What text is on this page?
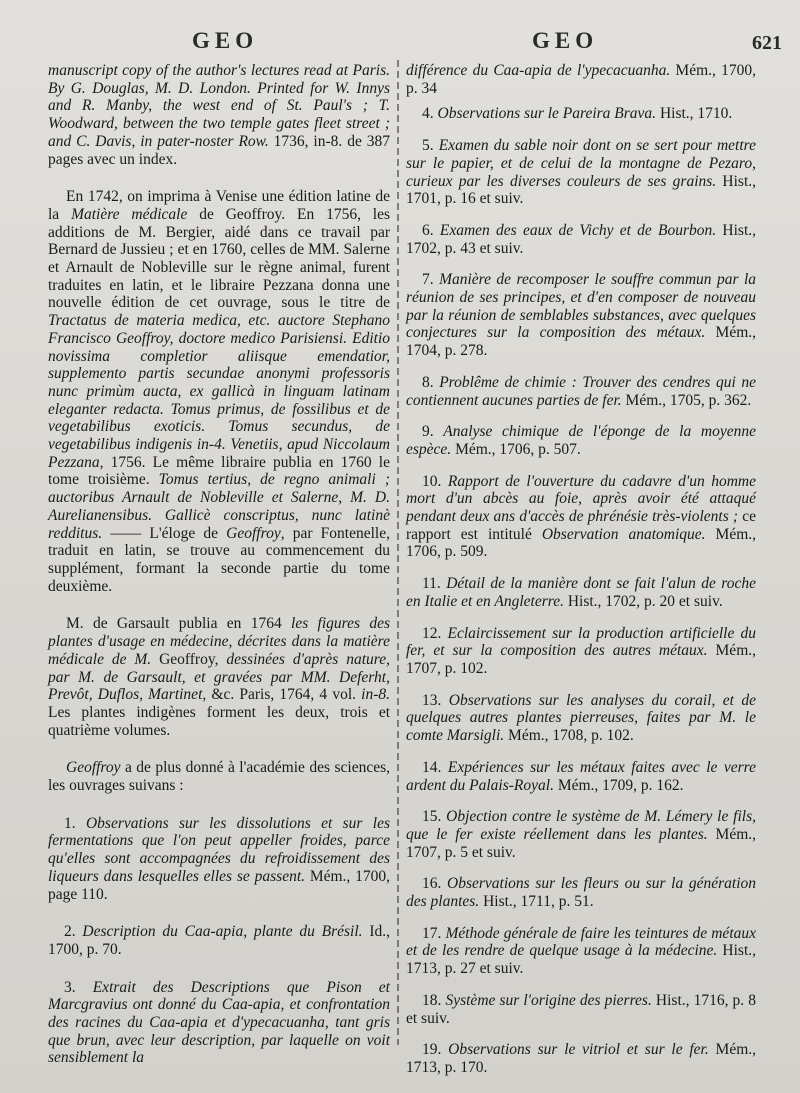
GEO	GEO	621

manuscript copy of the author's lectures read at Paris. By G. Douglas, M. D. London. Printed for W. Innys and R. Manby, the west end of St. Paul's ; T. Woodward, between the two temple gates fleet street ; and C. Davis, in pater-noster Row. 1736, in-8. de 387 pages avec un index.

En 1742, on imprima à Venise une édition latine de la Matière médicale de Geoffroy. En 1756, les additions de M. Bergier, aidé dans ce travail par Bernard de Jussieu ; et en 1760, celles de MM. Salerne et Arnault de Nobleville sur le règne animal, furent traduites en latin, et le libraire Pezzana donna une nouvelle édition de cet ouvrage, sous le titre de Tractatus de materia medica, etc. auctore Stephano Francisco Geoffroy, doctore medico Parisiensi. Editio novissima completior aliisque emendatior, supplemento partis secundae anonymi professoris nunc primùm aucta, ex gallicà in linguam latinam eleganter redacta. Tomus primus, de fossilibus et de vegetabilibus exoticis. Tomus secundus, de vegetabilibus indigenis in-4. Venetiis, apud Niccolaum Pezzana, 1756. Le même libraire publia en 1760 le tome troisième. Tomus tertius, de regno animali ; auctoribus Arnault de Nobleville et Salerne, M. D. Aurelianensibus. Gallicè conscriptus, nunc latinè redditus. —— L'éloge de Geoffroy, par Fontenelle, traduit en latin, se trouve au commencement du supplément, formant la seconde partie du tome deuxième.

M. de Garsault publia en 1764 les figures des plantes d'usage en médecine, décrites dans la matière médicale de M. Geoffroy, dessinées d'après nature, par M. de Garsault, et gravées par MM. Deferht, Prevôt, Duflos, Martinet, &c. Paris, 1764, 4 vol. in-8. Les plantes indigènes forment les deux, trois et quatrième volumes.

Geoffroy a de plus donné à l'académie des sciences, les ouvrages suivans :

1. Observations sur les dissolutions et sur les fermentations que l'on peut appeller froides, parce qu'elles sont accompagnées du refroidissement des liqueurs dans lesquelles elles se passent. Mém., 1700, page 110.

2. Description du Caa-apia, plante du Brésil. Id., 1700, p. 70.

3. Extrait des Descriptions que Pison et Marcgravius ont donné du Caa-apia, et confrontation des racines du Caa-apia et d'ypecacuanha, tant gris que brun, avec leur description, par laquelle on voit sensiblement la

différence du Caa-apia de l'ypecacuanha. Mém., 1700, p. 34

4. Observations sur le Pareira Brava. Hist., 1710.

5. Examen du sable noir dont on se sert pour mettre sur le papier, et de celui de la montagne de Pezaro, curieux par les diverses couleurs de ses grains. Hist., 1701, p. 16 et suiv.

6. Examen des eaux de Vichy et de Bourbon. Hist., 1702, p. 43 et suiv.

7. Manière de recomposer le souffre commun par la réunion de ses principes, et d'en composer de nouveau par la réunion de semblables substances, avec quelques conjectures sur la composition des métaux. Mém., 1704, p. 278.

8. Problême de chimie : Trouver des cendres qui ne contiennent aucunes parties de fer. Mém., 1705, p. 362.

9. Analyse chimique de l'éponge de la moyenne espèce. Mém., 1706, p. 507.

10. Rapport de l'ouverture du cadavre d'un homme mort d'un abcès au foie, après avoir été attaqué pendant deux ans d'accès de phrénésie très-violents ; ce rapport est intitulé Observation anatomique. Mém., 1706, p. 509.

11. Détail de la manière dont se fait l'alun de roche en Italie et en Angleterre. Hist., 1702, p. 20 et suiv.

12. Eclaircissement sur la production artificielle du fer, et sur la composition des autres métaux. Mém., 1707, p. 102.

13. Observations sur les analyses du corail, et de quelques autres plantes pierreuses, faites par M. le comte Marsigli. Mém., 1708, p. 102.

14. Expériences sur les métaux faites avec le verre ardent du Palais-Royal. Mém., 1709, p. 162.

15. Objection contre le système de M. Lémery le fils, que le fer existe réellement dans les plantes. Mém., 1707, p. 5 et suiv.

16. Observations sur les fleurs ou sur la génération des plantes. Hist., 1711, p. 51.

17. Méthode générale de faire les teintures de métaux et de les rendre de quelque usage à la médecine. Hist., 1713, p. 27 et suiv.

18. Système sur l'origine des pierres. Hist., 1716, p. 8 et suiv.

19. Observations sur le vitriol et sur le fer. Mém., 1713, p. 170.
